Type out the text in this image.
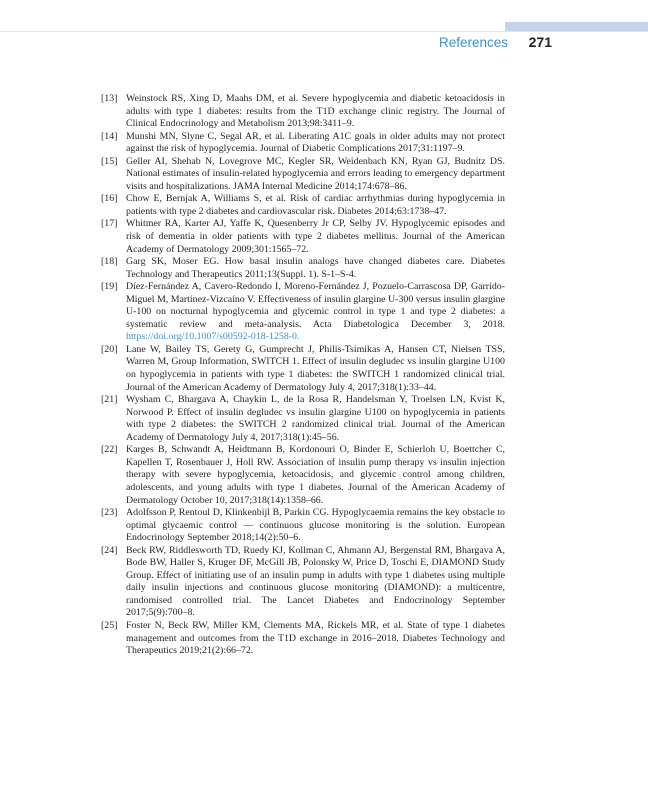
References 271
[13] Weinstock RS, Xing D, Maahs DM, et al. Severe hypoglycemia and diabetic ketoacidosis in adults with type 1 diabetes: results from the T1D exchange clinic registry. The Journal of Clinical Endocrinology and Metabolism 2013;98:3411–9.
[14] Munshi MN, Slyne C, Segal AR, et al. Liberating A1C goals in older adults may not protect against the risk of hypoglycemia. Journal of Diabetic Complications 2017;31:1197–9.
[15] Geller AI, Shehab N, Lovegrove MC, Kegler SR, Weidenbach KN, Ryan GJ, Budnitz DS. National estimates of insulin-related hypoglycemia and errors leading to emergency department visits and hospitalizations. JAMA Internal Medicine 2014;174:678–86.
[16] Chow E, Bernjak A, Williams S, et al. Risk of cardiac arrhythmias during hypoglycemia in patients with type 2 diabetes and cardiovascular risk. Diabetes 2014;63:1738–47.
[17] Whitmer RA, Karter AJ, Yaffe K, Quesenberry Jr CP, Selby JV. Hypoglycemic episodes and risk of dementia in older patients with type 2 diabetes mellitus. Journal of the American Academy of Dermatology 2009;301:1565–72.
[18] Garg SK, Moser EG. How basal insulin analogs have changed diabetes care. Diabetes Technology and Therapeutics 2011;13(Suppl. 1). S-1–S-4.
[19] Díez-Fernández A, Cavero-Redondo I, Moreno-Fernández J, Pozuelo-Carrascosa DP, Garrido-Miguel M, Martínez-Vizcaíno V. Effectiveness of insulin glargine U-300 versus insulin glargine U-100 on nocturnal hypoglycemia and glycemic control in type 1 and type 2 diabetes: a systematic review and meta-analysis. Acta Diabetologica December 3, 2018. https://doi.org/10.1007/s00592-018-1258-0.
[20] Lane W, Bailey TS, Gerety G, Gumprecht J, Philis-Tsimikas A, Hansen CT, Nielsen TSS, Warren M, Group Information, SWITCH 1. Effect of insulin degludec vs insulin glargine U100 on hypoglycemia in patients with type 1 diabetes: the SWITCH 1 randomized clinical trial. Journal of the American Academy of Dermatology July 4, 2017;318(1):33–44.
[21] Wysham C, Bhargava A, Chaykin L, de la Rosa R, Handelsman Y, Troelsen LN, Kvist K, Norwood P. Effect of insulin degludec vs insulin glargine U100 on hypoglycemia in patients with type 2 diabetes: the SWITCH 2 randomized clinical trial. Journal of the American Academy of Dermatology July 4, 2017;318(1):45–56.
[22] Karges B, Schwandt A, Heidtmann B, Kordonouri O, Binder E, Schierloh U, Boettcher C, Kapellen T, Rosenbauer J, Holl RW. Association of insulin pump therapy vs insulin injection therapy with severe hypoglycemia, ketoacidosis, and glycemic control among children, adolescents, and young adults with type 1 diabetes. Journal of the American Academy of Dermatology October 10, 2017;318(14):1358–66.
[23] Adolfsson P, Rentoul D, Klinkenbijl B, Parkin CG. Hypoglycaemia remains the key obstacle to optimal glycaemic control — continuous glucose monitoring is the solution. European Endocrinology September 2018;14(2):50–6.
[24] Beck RW, Riddlesworth TD, Ruedy KJ, Kollman C, Ahmann AJ, Bergenstal RM, Bhargava A, Bode BW, Haller S, Kruger DF, McGill JB, Polonsky W, Price D, Toschi E, DIAMOND Study Group. Effect of initiating use of an insulin pump in adults with type 1 diabetes using multiple daily insulin injections and continuous glucose monitoring (DIAMOND): a multicentre, randomised controlled trial. The Lancet Diabetes and Endocrinology September 2017;5(9):700–8.
[25] Foster N, Beck RW, Miller KM, Clements MA, Rickels MR, et al. State of type 1 diabetes management and outcomes from the T1D exchange in 2016–2018. Diabetes Technology and Therapeutics 2019;21(2):66–72.
